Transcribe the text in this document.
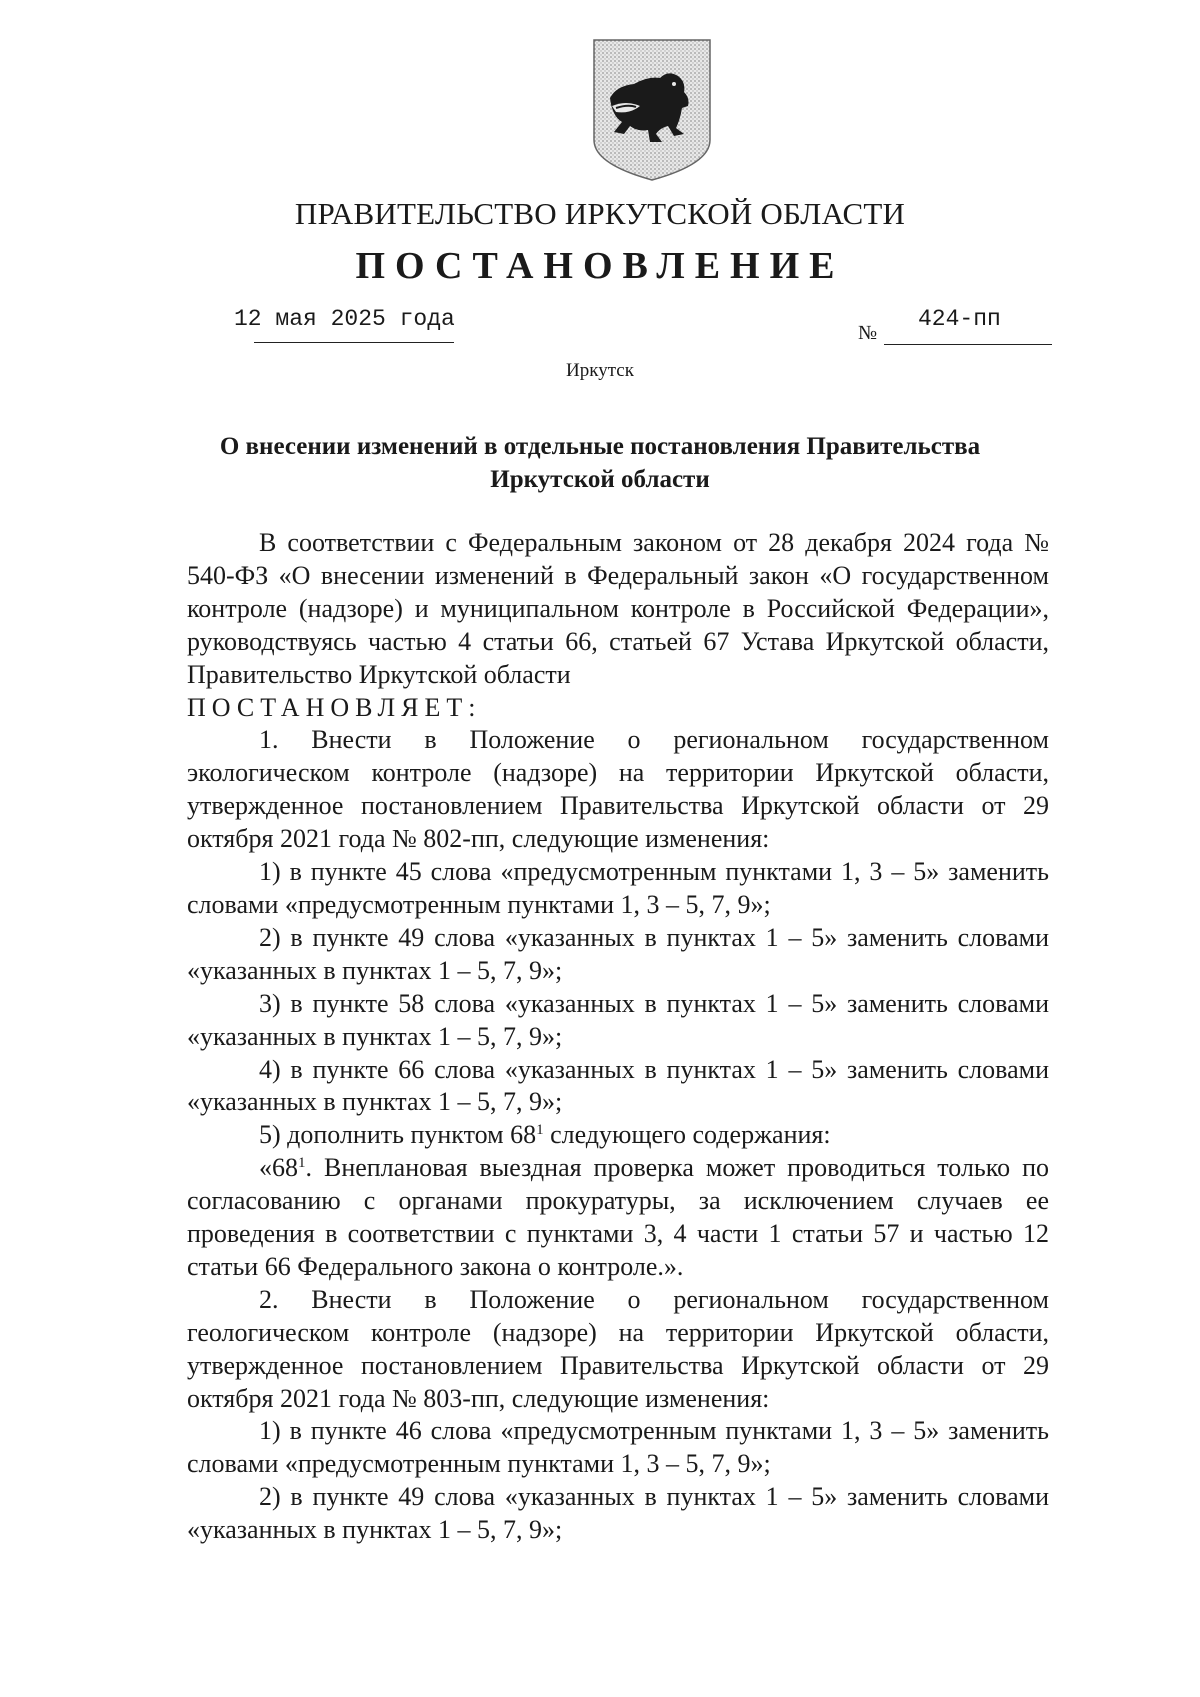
ПРАВИТЕЛЬСТВО ИРКУТСКОЙ ОБЛАСТИ
ПОСТАНОВЛЕНИЕ
12 мая 2025 года
№
424-пп
Иркутск
О внесении изменений в отдельные постановления Правительства
Иркутской области

В соответствии с Федеральным законом от 28 декабря 2024 года № 540-ФЗ «О внесении изменений в Федеральный закон «О государственном контроле (надзоре) и муниципальном контроле в Российской Федерации», руководствуясь частью 4 статьи 66, статьей 67 Устава Иркутской области, Правительство Иркутской области

ПОСТАНОВЛЯЕТ:

1. Внести в Положение о региональном государственном экологическом контроле (надзоре) на территории Иркутской области, утвержденное постановлением Правительства Иркутской области от 29 октября 2021 года № 802-пп, следующие изменения:

1) в пункте 45 слова «предусмотренным пунктами 1, 3 – 5» заменить словами «предусмотренным пунктами 1, 3 – 5, 7, 9»;

2) в пункте 49 слова «указанных в пунктах 1 – 5» заменить словами «указанных в пунктах 1 – 5, 7, 9»;

3) в пункте 58 слова «указанных в пунктах 1 – 5» заменить словами «указанных в пунктах 1 – 5, 7, 9»;

4) в пункте 66 слова «указанных в пунктах 1 – 5» заменить словами «указанных в пунктах 1 – 5, 7, 9»;

5) дополнить пунктом $68^1$ следующего содержания:

«$68^1$. Внеплановая выездная проверка может проводиться только по согласованию с органами прокуратуры, за исключением случаев ее проведения в соответствии с пунктами 3, 4 части 1 статьи 57 и частью 12 статьи 66 Федерального закона о контроле.».

2. Внести в Положение о региональном государственном геологическом контроле (надзоре) на территории Иркутской области, утвержденное постановлением Правительства Иркутской области от 29 октября 2021 года № 803-пп, следующие изменения:

1) в пункте 46 слова «предусмотренным пунктами 1, 3 – 5» заменить словами «предусмотренным пунктами 1, 3 – 5, 7, 9»;

2) в пункте 49 слова «указанных в пунктах 1 – 5» заменить словами «указанных в пунктах 1 – 5, 7, 9»;
